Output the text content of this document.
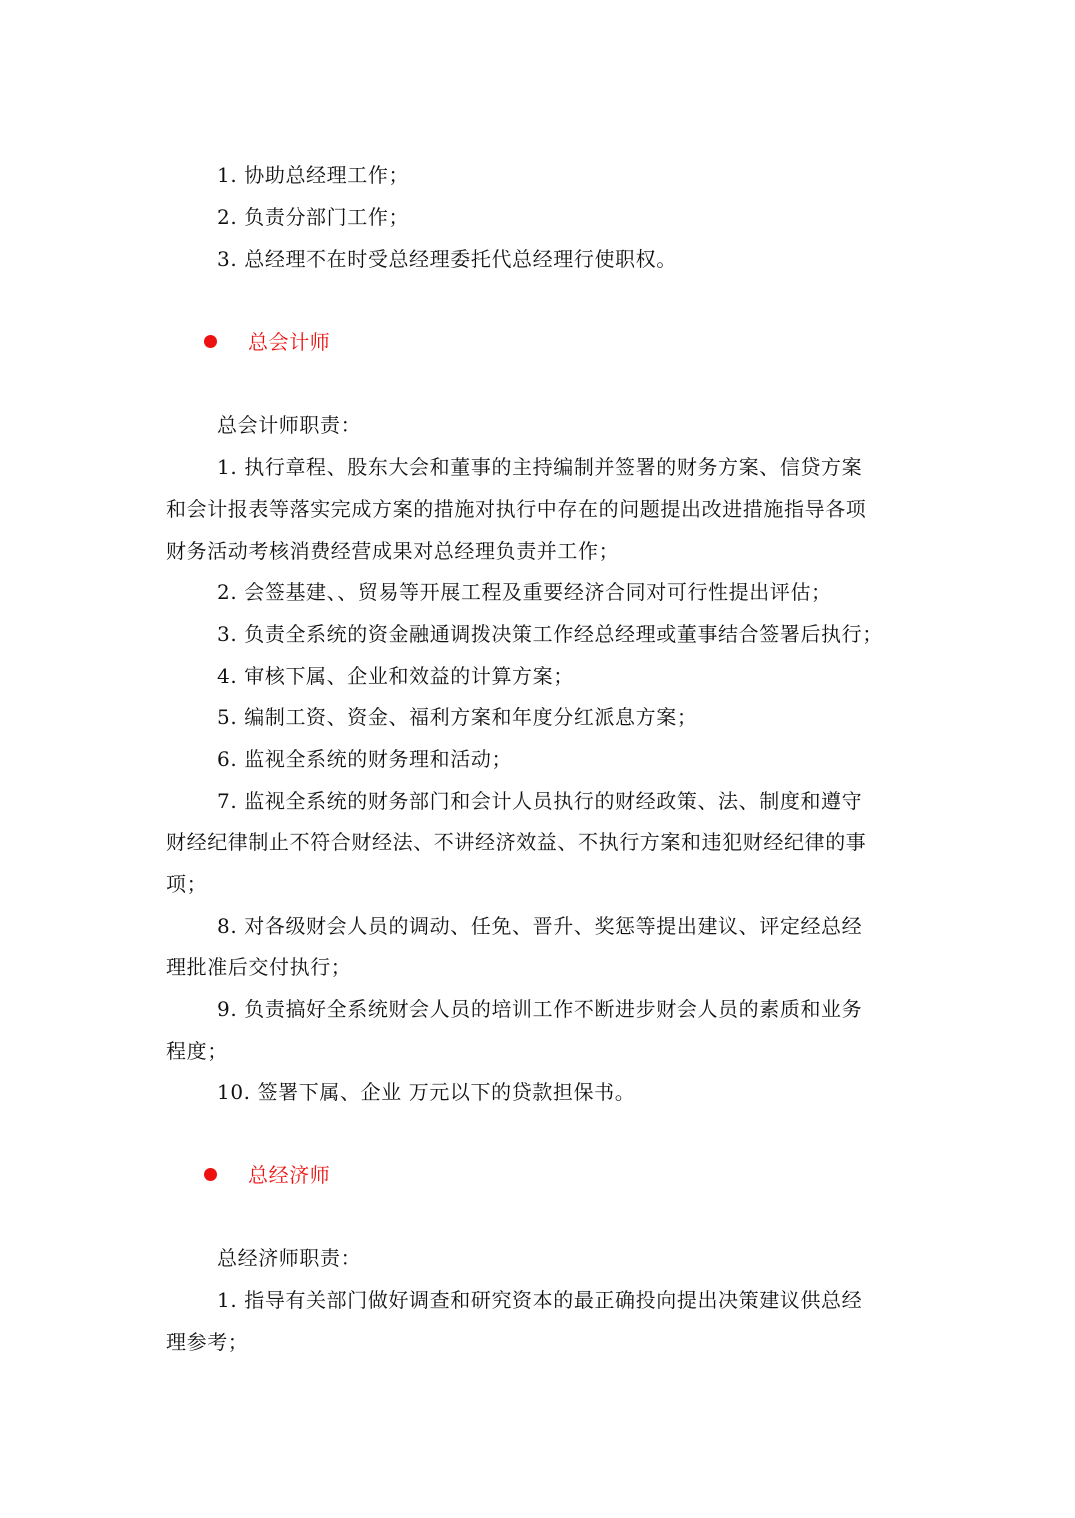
1. 协助总经理工作；
2. 负责分部门工作；
3. 总经理不在时受总经理委托代总经理行使职权。
总会计师
总会计师职责：
1. 执行章程、股东大会和董事的主持编制并签署的财务方案、信贷方案
和会计报表等落实完成方案的措施对执行中存在的问题提出改进措施指导各项
财务活动考核消费经营成果对总经理负责并工作；
2. 会签基建、、贸易等开展工程及重要经济合同对可行性提出评估；
3. 负责全系统的资金融通调拨决策工作经总经理或董事结合签署后执行；
4. 审核下属、企业和效益的计算方案；
5. 编制工资、资金、福利方案和年度分红派息方案；
6. 监视全系统的财务理和活动；
7. 监视全系统的财务部门和会计人员执行的财经政策、法、制度和遵守
财经纪律制止不符合财经法、不讲经济效益、不执行方案和违犯财经纪律的事
项；
8. 对各级财会人员的调动、任免、晋升、奖惩等提出建议、评定经总经
理批准后交付执行；
9. 负责搞好全系统财会人员的培训工作不断进步财会人员的素质和业务
程度；
10. 签署下属、企业 万元以下的贷款担保书。
总经济师
总经济师职责：
1. 指导有关部门做好调查和研究资本的最正确投向提出决策建议供总经
理参考；
